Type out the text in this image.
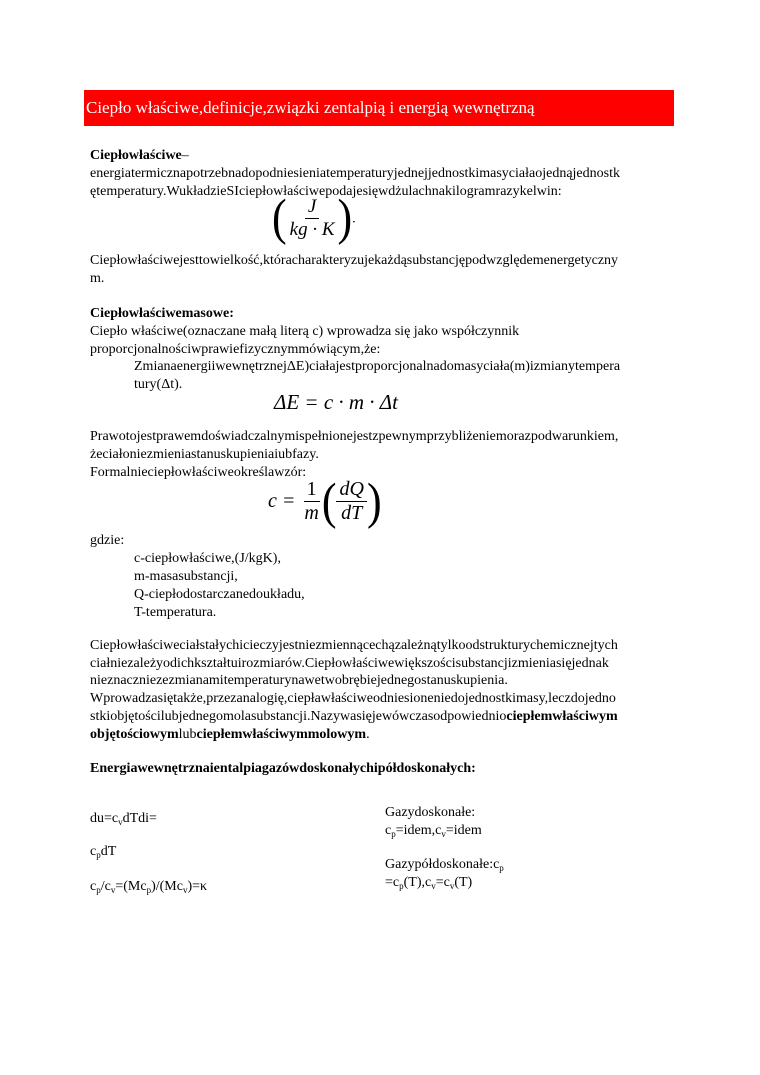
Ciepło właściwe,definicje,związki zentalpią i energią wewnętrzną
Ciepłowłaściwe–
energiatermicznapotrzebnadopodniesieniatemperaturyjednejjednostkimasyciałaojednąjednostk
ętemperatury.WukładzieSIciepłowłaściwepodajesięwdżulachnakilogramrazykelwin:
( $\frac{J}{kg \cdot K}$ ).
Ciepłowłaściwejesttowielkość,któracharakteryzujekażdąsubstancjępodwzględemenergetyczny
m.
Ciepłowłaściwemasowe:
Ciepło właściwe(oznaczane małą literą c) wprowadza się jako współczynnik
proporcjonalnościwprawiefizycznymmówiącym,że:
ZmianaenergiiwewnętrznejΔE)ciałajestproporcjonalnadomasyciała(m)izmianytempera
tury(Δt).
ΔE = c · m · Δt
Prawotojestprawemdoświadczalnymispełnionejestzpewnymprzybliżeniemorazpodwarunkiem,
żeciałoniezmieniastanuskupieniaiubfazy.
Formalnieciepłowłaściweokreślawzór:
$c = \frac{1}{m}$ ( $\frac{dQ}{dT}$ )
gdzie:
c-ciepłowłaściwe,(J/kgK),
m-masasubstancji,
Q-ciepłodostarczanedoukładu,
T-temperatura.
Ciepłowłaściweciałstałychicieczyjestniezmiennącechązależnątylkoodstrukturychemicznejtych
ciałniezależyodichkształtuirozmiarów.Ciepłowłaściwewiększościsubstancjizmieniasięjednak
nieznaczniezezmianamitemperaturynawetwobrębiejednegostanuskupienia.
Wprowadzasiętakże,przezanalogię,ciepławłaściweodniesioneniedojednostkimasy,leczdojedno
stkiobjętościlubjednegomolasubstancji.Nazywasięjewówczasodpowiedniociepłemwłaściwym
objętościowymlubciepłemwłaściwymmolowym.
Energiawewnętrznaientalpiagazówdoskonałychipółdoskonałych:
$du=c_vdTdi=$
$c_pdT$
$c_p/c_v=(Mc_p)/(Mc_v)=\kappa$
Gazydoskonałe:
$c_p=idem,c_v=idem$
$Gazypółdoskonałe:c_p$
$=c_p(T),c_v=c_v(T)$
